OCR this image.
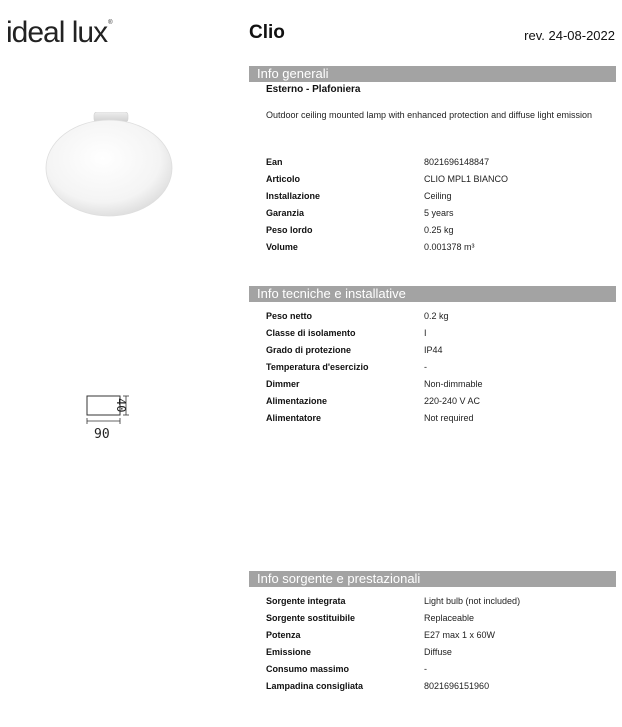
ideal lux®	Clio	rev. 24-08-2022
90
40
Info generali
Esterno - Plafoniera
Outdoor ceiling mounted lamp with enhanced protection and diffuse light emission
Ean	8021696148847
Articolo	CLIO MPL1 BIANCO
Installazione	Ceiling
Garanzia	5 years
Peso lordo	0.25 kg
Volume	0.001378 m³
Info tecniche e installative
Peso netto	0.2 kg
Classe di isolamento	I
Grado di protezione	IP44
Temperatura d'esercizio	-
Dimmer	Non-dimmable
Alimentazione	220-240 V AC
Alimentatore	Not required
Info sorgente e prestazionali
Sorgente integrata	Light bulb (not included)
Sorgente sostituibile	Replaceable
Potenza	E27 max 1 x 60W
Emissione	Diffuse
Consumo massimo	-
Lampadina consigliata	8021696151960
